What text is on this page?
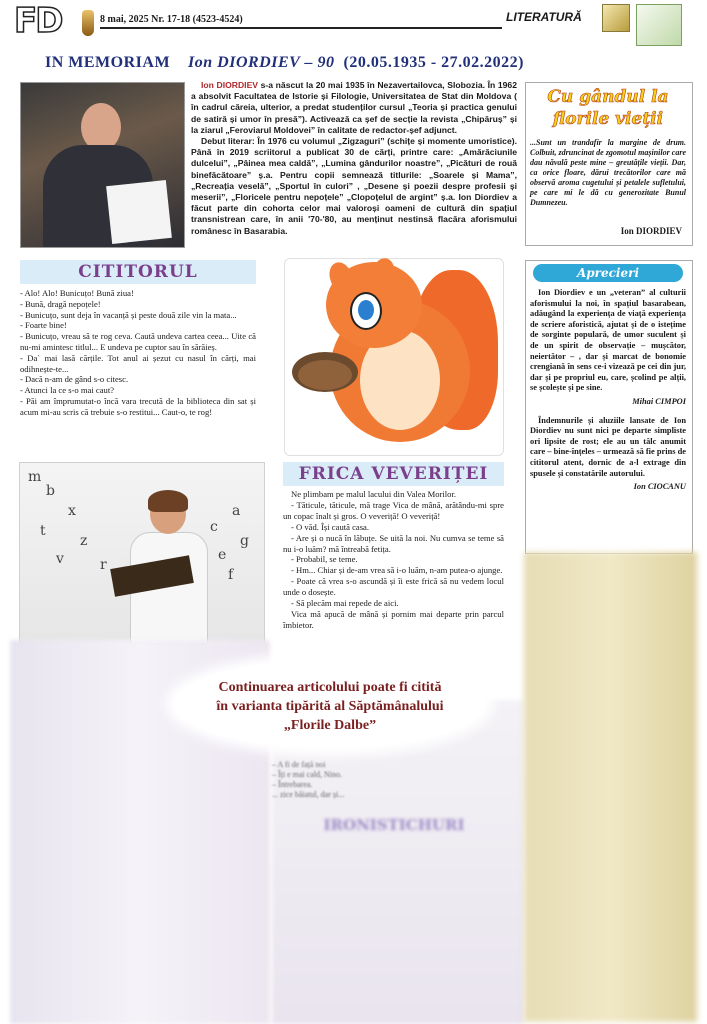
FD	8 mai, 2025 Nr. 17-18 (4523-4524)	LITERATURĂ
IN MEMORIAM Ion DIORDIEV – 90 (20.05.1935 - 27.02.2022)

Ion DIORDIEV s-a născut la 20 mai 1935 în Nezavertailovca, Slobozia. În 1962 a absolvit Facultatea de Istorie și Filologie, Universitatea de Stat din Moldova ( în cadrul căreia, ulterior, a predat studenților cursul „Teoria și practica genului de satiră și umor în presă”). Activează ca șef de secție la revista „Chipăruș” și la ziarul „Feroviarul Moldovei” în calitate de redactor-șef adjunct.

Debut literar: În 1976 cu volumul „Zigzaguri” (schițe și momente umoristice). Până în 2019 scriitorul a publicat 30 de cărți, printre care: „Amărăciunile dulcelui”, „Pâinea mea caldă”, „Lumina gândurilor noastre”, „Picături de rouă binefăcătoare” ș.a. Pentru copii semnează titlurile: „Soarele și Mama”, „Recreația veselă”, „Sportul în culori” , „Desene și poezii despre profesii și meserii”, „Floricele pentru nepoțele” „Clopoțelul de argint” ș.a. Ion Diordiev a făcut parte din cohorta celor mai valoroși oameni de cultură din spațiul transnistrean care, în anii '70-'80, au menținut nestinsă flacăra aforismului românesc în Basarabia.

Cu gândul la
florile vieții
...Sunt un trandafir la margine de drum. Colbuit, zdruncinat de zgomotul mașinilor care dau năvală peste mine – greutățile vieții. Dar, ca orice floare, dărui trecătorilor care mă observă aroma cugetului și petalele sufletului, pe care mi le dă cu generozitate Bunul Dumnezeu.
Ion DIORDIEV
CITITORUL
- Alo! Alo! Bunicuțo! Bună ziua!
- Bună, dragă nepoțele!
- Bunicuțo, sunt deja în vacanță și peste două zile vin la mata...
- Foarte bine!
- Bunicuțo, vreau să te rog ceva. Caută undeva cartea ceea... Uite că nu-mi amintesc titlul... E undeva pe cuptor sau în sărăieș.
- Da` mai lasă cărțile. Tot anul ai șezut cu nasul în cărți, mai odihnește-te...
- Dacă n-am de gând s-o citesc.
- Atunci la ce s-o mai caut?
- Păi am împrumutat-o încă vara trecută de la biblioteca din sat și acum mi-au scris că trebuie s-o restitui... Caut-o, te rog!
m
b
x
t
z
v	r
a
c
g
e
f
FRICA VEVERIȚEI
Ne plimbam pe malul lacului din Valea Morilor.
- Tăticule, tăticule, mă trage Vica de mână, arătându-mi spre un copac înalt și gros. O veveriță! O veveriță!
- O văd. Își caută casa.
- Are și o nucă în lăbuțe. Se uită la noi. Nu cumva se teme să nu i-o luăm? mă întreabă fetița.
- Probabil, se teme.
- Hm... Chiar și de-am vrea să i-o luăm, n-am putea-o ajunge.
- Poate că vrea s-o ascundă și îi este frică să nu vedem locul unde o dosește.
- Să plecăm mai repede de aici.
Vica mă apucă de mână și pornim mai departe prin parcul îmbietor.
Aprecieri

Ion Diordiev e un „veteran” al culturii aforismului la noi, în spațiul basarabean, adăugând la experiența de viață experiența de scriere aforistică, ajutat și de o istețime de sorginte populară, de umor suculent și de un spirit de observație – mușcător, neiertător – , dar și marcat de bonomie crengiană în sens ce-i vizează pe cei din jur, dar și pe propriul eu, care, școlind pe alții, se școlește și pe sine.

Mihai CIMPOI

Îndemnurile și aluziile lansate de Ion Diordiev nu sunt nici pe departe simpliste ori lipsite de rost; ele au un tâlc anumit care – bine-înțeles – urmează să fie prins de cititorul atent, dornic de a-l extrage din spusele și constatările autorului.

Ion CIOCANU
– A fi de față noi
– Îți e mai cald, Nino.
– Întrebarea.
... zice băiatul, dar și...
IRONISTICHURI
Continuarea articolului poate fi citită
în varianta tipărită al Săptămânalului
„Florile Dalbe”
